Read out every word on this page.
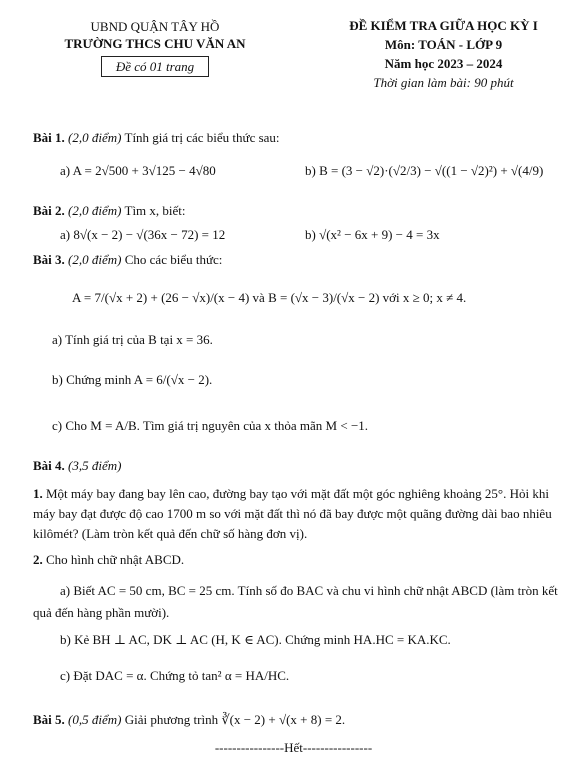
UBND QUẬN TÂY HỒ
TRƯỜNG THCS CHU VĂN AN
Đề có 01 trang
ĐỀ KIỂM TRA GIỮA HỌC KỲ I
Môn: TOÁN - LỚP 9
Năm học 2023 – 2024
Thời gian làm bài: 90 phút
Bài 1. (2,0 điểm) Tính giá trị các biểu thức sau:
a) A = 2√500 + 3√125 − 4√80	b) B = (3 − √2)·(√2/3) − √((1 − √2)²) + √(4/9)
Bài 2. (2,0 điểm) Tìm x, biết:
a) 8√(x − 2) − √(36x − 72) = 12	b) √(x² − 6x + 9) − 4 = 3x
Bài 3. (2,0 điểm) Cho các biểu thức:
A = 7/(√x + 2) + (26 − √x)/(x − 4) và B = (√x − 3)/(√x − 2) với x ≥ 0; x ≠ 4.
a) Tính giá trị của B tại x = 36.
b) Chứng minh A = 6/(√x − 2).
c) Cho M = A/B. Tìm giá trị nguyên của x thỏa mãn M < −1.
Bài 4. (3,5 điểm)
1. Một máy bay đang bay lên cao, đường bay tạo với mặt đất một góc nghiêng khoảng 25°. Hỏi khi máy bay đạt được độ cao 1700 m so với mặt đất thì nó đã bay được một quãng đường dài bao nhiêu kilômét? (Làm tròn kết quả đến chữ số hàng đơn vị).
2. Cho hình chữ nhật ABCD.
a) Biết AC = 50 cm, BC = 25 cm. Tính số đo BAC và chu vi hình chữ nhật ABCD (làm tròn kết quả đến hàng phần mười).
b) Kẻ BH ⊥ AC, DK ⊥ AC (H, K ∈ AC). Chứng minh HA.HC = KA.KC.
c) Đặt DAC = α. Chứng tỏ tan² α = HA/HC.
Bài 5. (0,5 điểm) Giải phương trình ∛(x − 2) + √(x + 8) = 2.
----------------Hết----------------
